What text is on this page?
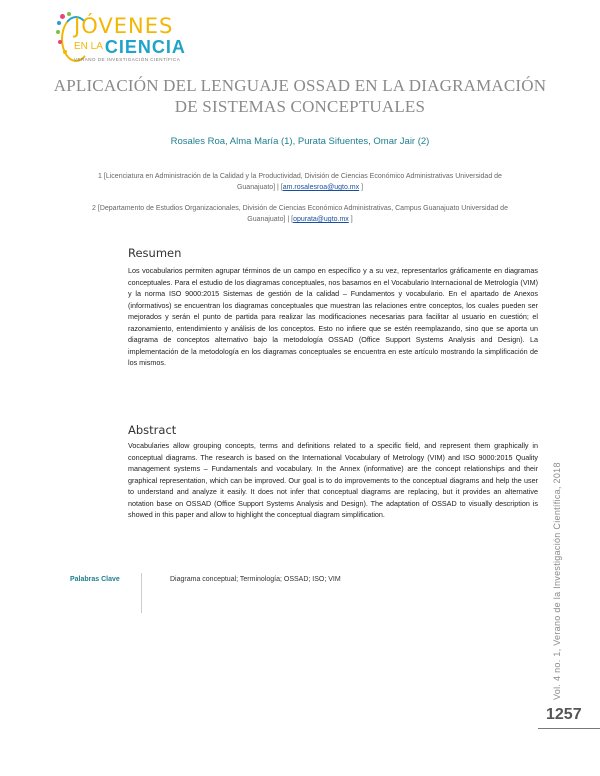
JÓVENES
$^{EN LA}$ CIENCIA
VERANO DE INVESTIGACIÓN CIENTÍFICA
APLICACIÓN DEL LENGUAJE OSSAD EN LA DIAGRAMACIÓN DE SISTEMAS CONCEPTUALES
Rosales Roa, Alma María (1), Purata Sifuentes, Omar Jair (2)
1 [Licenciatura en Administración de la Calidad y la Productividad, División de Ciencias Económico Administrativas Universidad de Guanajuato] | [am.rosalesroa@ugto.mx ]
2 [Departamento de Estudios Organizacionales, División de Ciencias Económico Administrativas, Campus Guanajuato Universidad de Guanajuato] | [opurata@ugto.mx ]
Resumen

Los vocabularios permiten agrupar términos de un campo en específico y a su vez, representarlos gráficamente en diagramas conceptuales. Para el estudio de los diagramas conceptuales, nos basamos en el Vocabulario Internacional de Metrología (VIM) y la norma ISO 9000:2015 Sistemas de gestión de la calidad – Fundamentos y vocabulario. En el apartado de Anexos (informativos) se encuentran los diagramas conceptuales que muestran las relaciones entre conceptos, los cuales pueden ser mejorados y serán el punto de partida para realizar las modificaciones necesarias para facilitar al usuario en cuestión; el razonamiento, entendimiento y análisis de los conceptos. Esto no infiere que se estén reemplazando, sino que se aporta un diagrama de conceptos alternativo bajo la metodología OSSAD (Office Support Systems Analysis and Design). La implementación de la metodología en los diagramas conceptuales se encuentra en este artículo mostrando la simplificación de los mismos.

Abstract

Vocabularies allow grouping concepts, terms and definitions related to a specific field, and represent them graphically in conceptual diagrams. The research is based on the International Vocabulary of Metrology (VIM) and ISO 9000:2015 Quality management systems – Fundamentals and vocabulary. In the Annex (informative) are the concept relationships and their graphical representation, which can be improved. Our goal is to do improvements to the conceptual diagrams and help the user to understand and analyze it easily. It does not infer that conceptual diagrams are replacing, but it provides an alternative notation base on OSSAD (Office Support Systems Analysis and Design). The adaptation of OSSAD to visually description is showed in this paper and allow to highlight the conceptual diagram simplification.

Palabras Clave	Diagrama conceptual; Terminología; OSSAD; ISO; VIM	Vol. 4 no. 1, Verano de la Investigación Científica, 2018
1257
